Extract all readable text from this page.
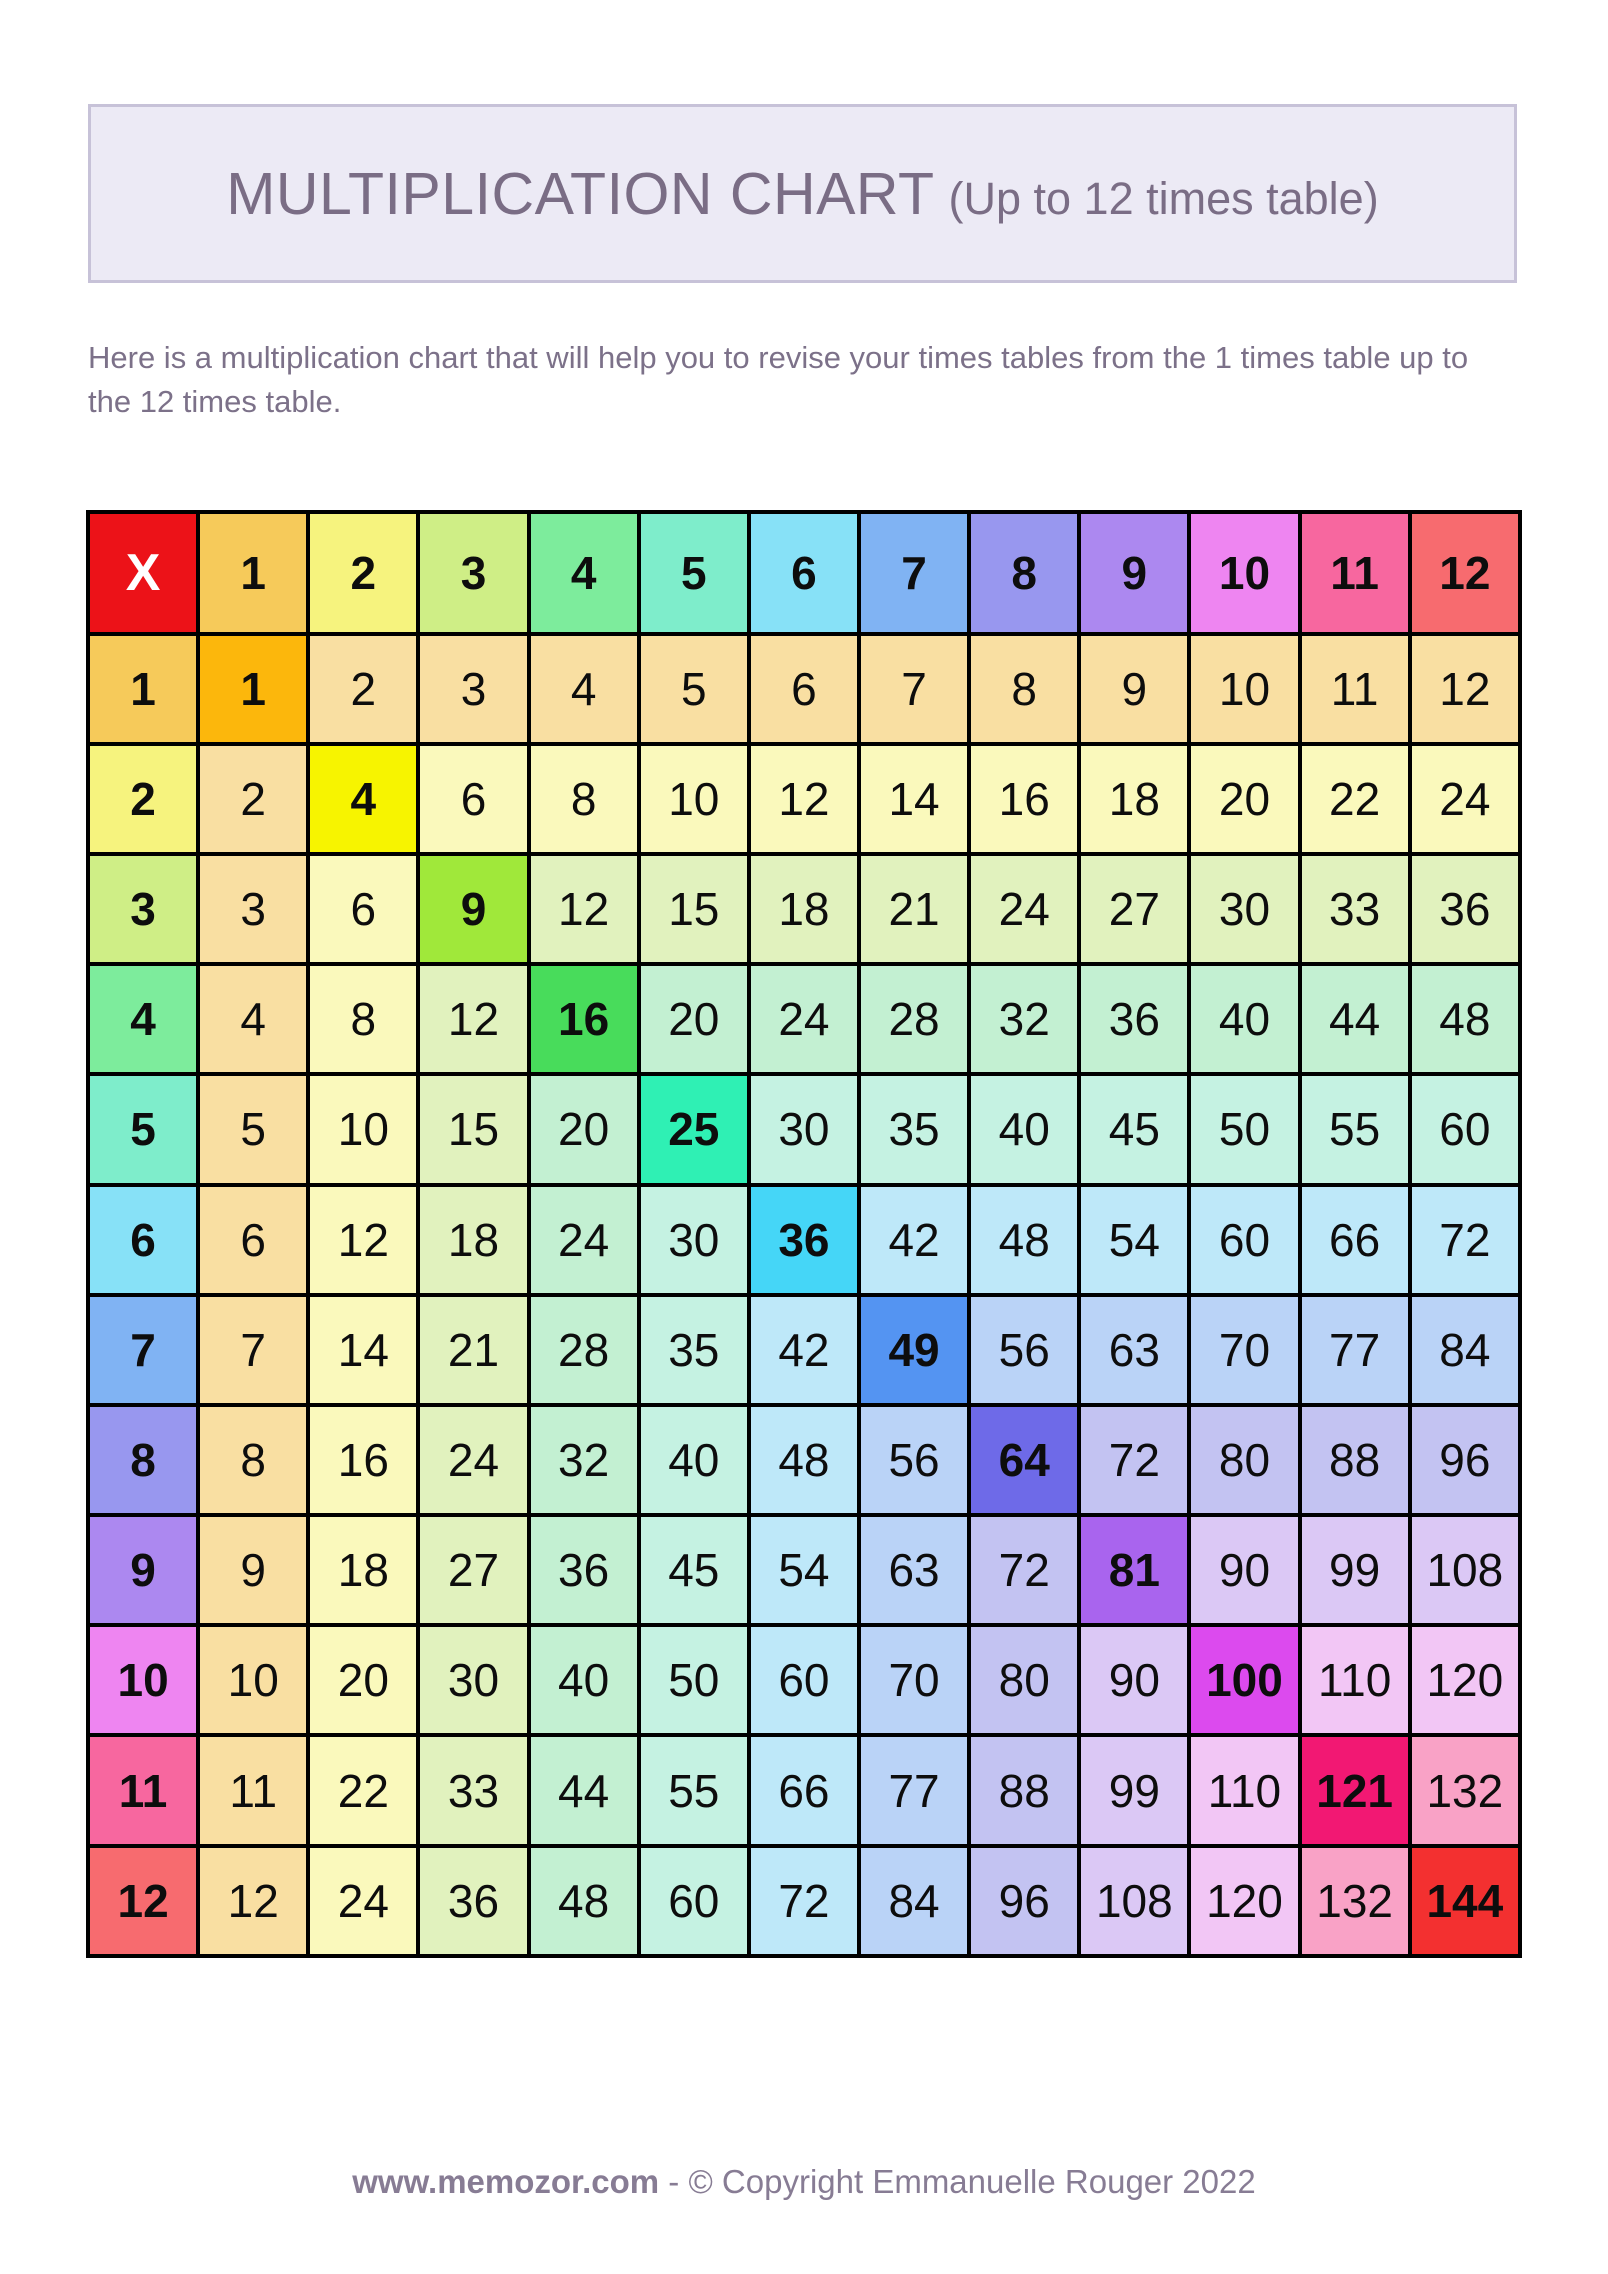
MULTIPLICATION CHART (Up to 12 times table)

Here is a multiplication chart that will help you to revise your times tables from the 1 times table up to the 12 times table.

X	1	2	3	4	5	6	7	8	9	10	11	12
1	1	2	3	4	5	6	7	8	9	10	11	12
2	2	4	6	8	10	12	14	16	18	20	22	24
3	3	6	9	12	15	18	21	24	27	30	33	36
4	4	8	12	16	20	24	28	32	36	40	44	48
5	5	10	15	20	25	30	35	40	45	50	55	60
6	6	12	18	24	30	36	42	48	54	60	66	72
7	7	14	21	28	35	42	49	56	63	70	77	84
8	8	16	24	32	40	48	56	64	72	80	88	96
9	9	18	27	36	45	54	63	72	81	90	99	108
10	10	20	30	40	50	60	70	80	90	100	110	120
11	11	22	33	44	55	66	77	88	99	110	121	132
12	12	24	36	48	60	72	84	96	108	120	132	144
www.memozor.com - © Copyright Emmanuelle Rouger 2022
